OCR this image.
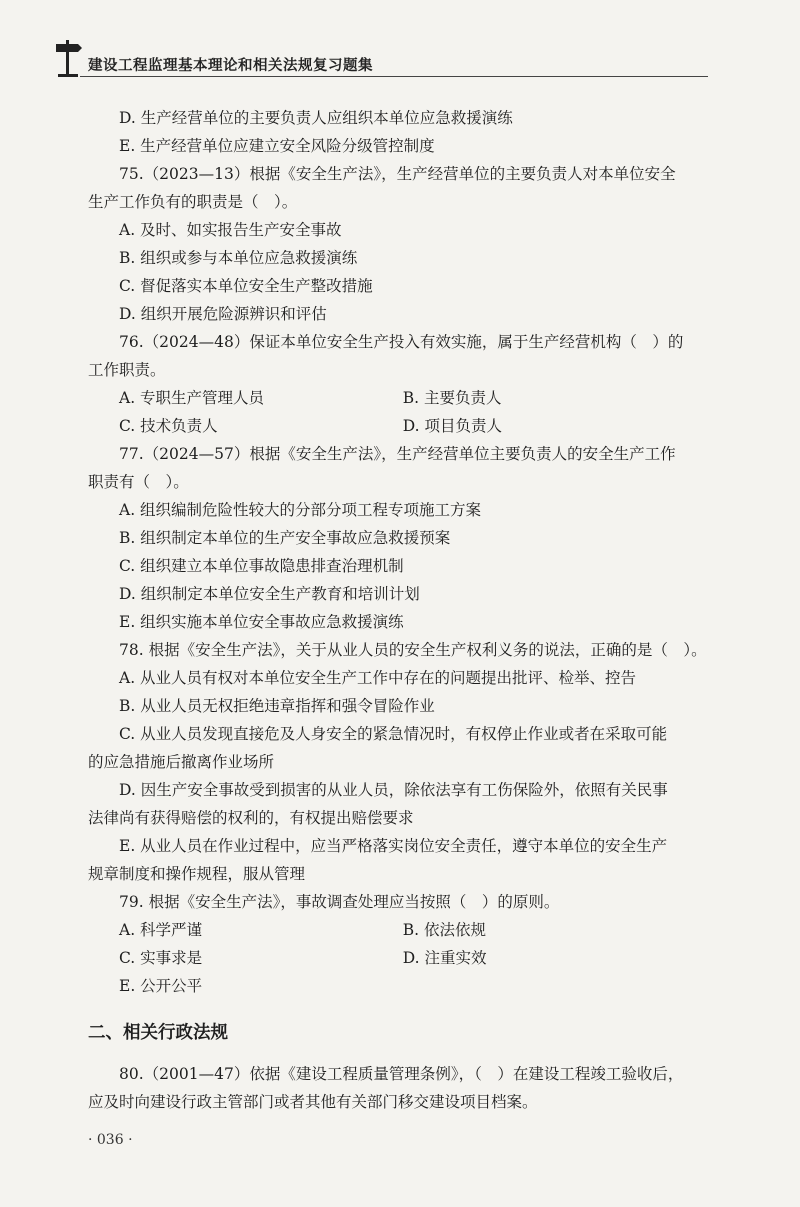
建设工程监理基本理论和相关法规复习题集
D. 生产经营单位的主要负责人应组织本单位应急救援演练
E. 生产经营单位应建立安全风险分级管控制度
75.（2023—13）根据《安全生产法》，生产经营单位的主要负责人对本单位安全
生产工作负有的职责是（　）。
A. 及时、如实报告生产安全事故
B. 组织或参与本单位应急救援演练
C. 督促落实本单位安全生产整改措施
D. 组织开展危险源辨识和评估
76.（2024—48）保证本单位安全生产投入有效实施，属于生产经营机构（　）的
工作职责。
A. 专职生产管理人员	B. 主要负责人
C. 技术负责人	D. 项目负责人
77.（2024—57）根据《安全生产法》，生产经营单位主要负责人的安全生产工作
职责有（　）。
A. 组织编制危险性较大的分部分项工程专项施工方案
B. 组织制定本单位的生产安全事故应急救援预案
C. 组织建立本单位事故隐患排查治理机制
D. 组织制定本单位安全生产教育和培训计划
E. 组织实施本单位安全事故应急救援演练
78. 根据《安全生产法》，关于从业人员的安全生产权利义务的说法，正确的是（　）。
A. 从业人员有权对本单位安全生产工作中存在的问题提出批评、检举、控告
B. 从业人员无权拒绝违章指挥和强令冒险作业
C. 从业人员发现直接危及人身安全的紧急情况时，有权停止作业或者在采取可能
的应急措施后撤离作业场所
D. 因生产安全事故受到损害的从业人员，除依法享有工伤保险外，依照有关民事
法律尚有获得赔偿的权利的，有权提出赔偿要求
E. 从业人员在作业过程中，应当严格落实岗位安全责任，遵守本单位的安全生产
规章制度和操作规程，服从管理
79. 根据《安全生产法》，事故调查处理应当按照（　）的原则。
A. 科学严谨	B. 依法依规
C. 实事求是	D. 注重实效
E. 公开公平
二、相关行政法规
80.（2001—47）依据《建设工程质量管理条例》，（　）在建设工程竣工验收后，
应及时向建设行政主管部门或者其他有关部门移交建设项目档案。
· 036 ·
